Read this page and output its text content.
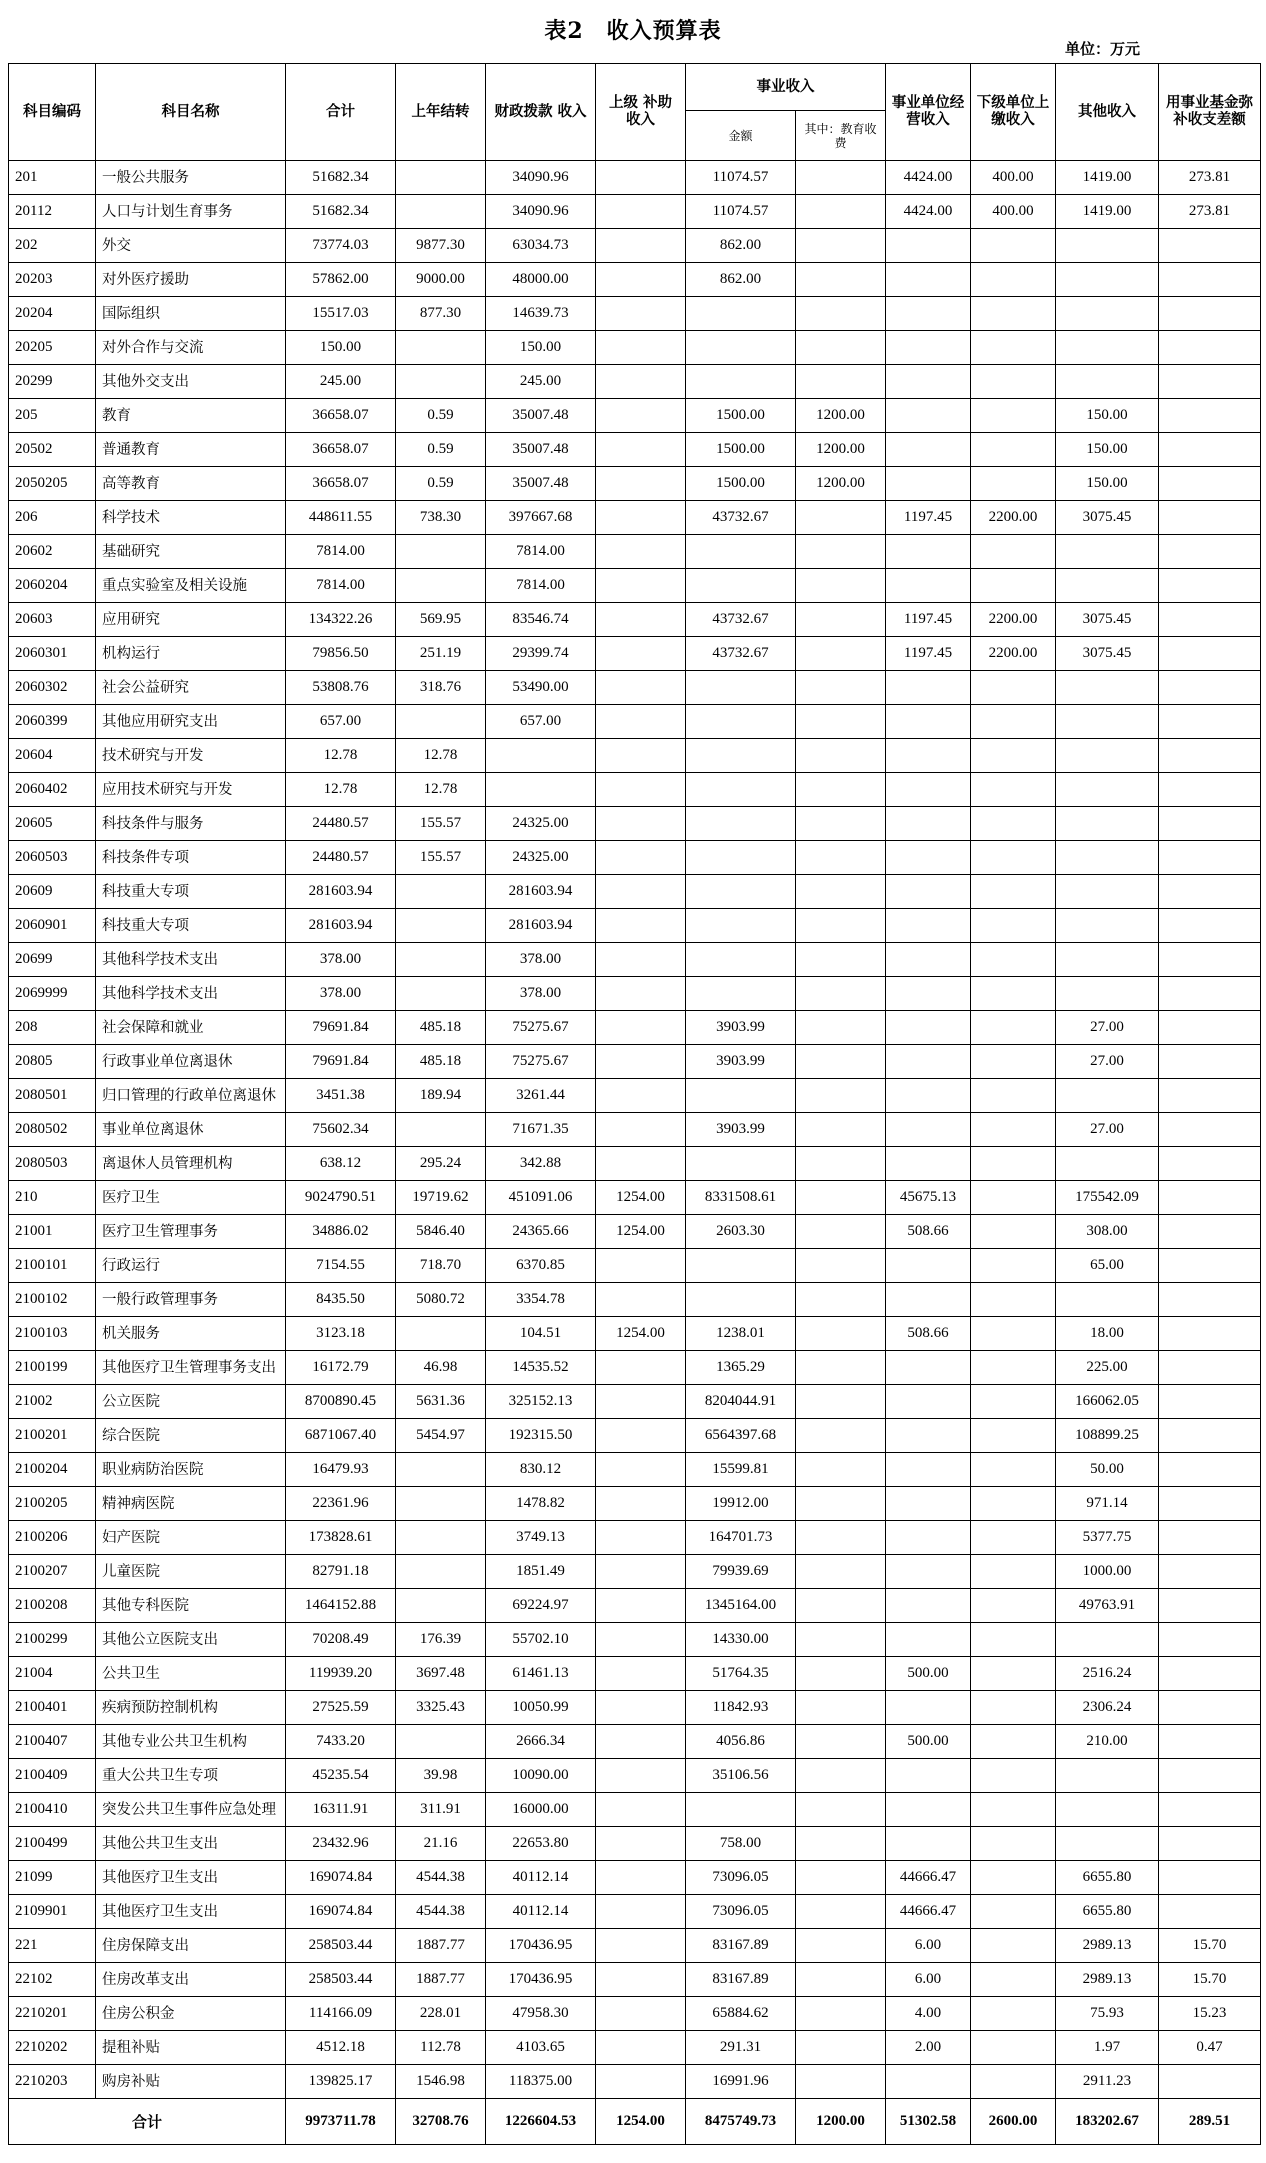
表2　收入预算表
单位：万元
科目编码	科目名称	合计	上年结转	财政拨款 收入	上级 补助 收入	事业收入		事业单位经营收入	下级单位上缴收入	其他收入	用事业基金弥补收支差额
						金额	其中：教育收费				
201	一般公共服务	51682.34		34090.96		11074.57		4424.00	400.00	1419.00	273.81
20112	人口与计划生育事务	51682.34		34090.96		11074.57		4424.00	400.00	1419.00	273.81
202	外交	73774.03	9877.30	63034.73		862.00					
20203	对外医疗援助	57862.00	9000.00	48000.00		862.00					
20204	国际组织	15517.03	877.30	14639.73							
20205	对外合作与交流	150.00		150.00							
20299	其他外交支出	245.00		245.00							
205	教育	36658.07	0.59	35007.48		1500.00	1200.00			150.00	
20502	普通教育	36658.07	0.59	35007.48		1500.00	1200.00			150.00	
2050205	高等教育	36658.07	0.59	35007.48		1500.00	1200.00			150.00	
206	科学技术	448611.55	738.30	397667.68		43732.67		1197.45	2200.00	3075.45	
20602	基础研究	7814.00		7814.00							
2060204	重点实验室及相关设施	7814.00		7814.00							
20603	应用研究	134322.26	569.95	83546.74		43732.67		1197.45	2200.00	3075.45	
2060301	机构运行	79856.50	251.19	29399.74		43732.67		1197.45	2200.00	3075.45	
2060302	社会公益研究	53808.76	318.76	53490.00							
2060399	其他应用研究支出	657.00		657.00							
20604	技术研究与开发	12.78	12.78								
2060402	应用技术研究与开发	12.78	12.78								
20605	科技条件与服务	24480.57	155.57	24325.00							
2060503	科技条件专项	24480.57	155.57	24325.00							
20609	科技重大专项	281603.94		281603.94							
2060901	科技重大专项	281603.94		281603.94							
20699	其他科学技术支出	378.00		378.00							
2069999	其他科学技术支出	378.00		378.00							
208	社会保障和就业	79691.84	485.18	75275.67		3903.99				27.00	
20805	行政事业单位离退休	79691.84	485.18	75275.67		3903.99				27.00	
2080501	归口管理的行政单位离退休	3451.38	189.94	3261.44							
2080502	事业单位离退休	75602.34		71671.35		3903.99				27.00	
2080503	离退休人员管理机构	638.12	295.24	342.88							
210	医疗卫生	9024790.51	19719.62	451091.06	1254.00	8331508.61		45675.13		175542.09	
21001	医疗卫生管理事务	34886.02	5846.40	24365.66	1254.00	2603.30		508.66		308.00	
2100101	行政运行	7154.55	718.70	6370.85						65.00	
2100102	一般行政管理事务	8435.50	5080.72	3354.78							
2100103	机关服务	3123.18		104.51	1254.00	1238.01		508.66		18.00	
2100199	其他医疗卫生管理事务支出	16172.79	46.98	14535.52		1365.29				225.00	
21002	公立医院	8700890.45	5631.36	325152.13		8204044.91				166062.05	
2100201	综合医院	6871067.40	5454.97	192315.50		6564397.68				108899.25	
2100204	职业病防治医院	16479.93		830.12		15599.81				50.00	
2100205	精神病医院	22361.96		1478.82		19912.00				971.14	
2100206	妇产医院	173828.61		3749.13		164701.73				5377.75	
2100207	儿童医院	82791.18		1851.49		79939.69				1000.00	
2100208	其他专科医院	1464152.88		69224.97		1345164.00				49763.91	
2100299	其他公立医院支出	70208.49	176.39	55702.10		14330.00					
21004	公共卫生	119939.20	3697.48	61461.13		51764.35		500.00		2516.24	
2100401	疾病预防控制机构	27525.59	3325.43	10050.99		11842.93				2306.24	
2100407	其他专业公共卫生机构	7433.20		2666.34		4056.86		500.00		210.00	
2100409	重大公共卫生专项	45235.54	39.98	10090.00		35106.56					
2100410	突发公共卫生事件应急处理	16311.91	311.91	16000.00							
2100499	其他公共卫生支出	23432.96	21.16	22653.80		758.00					
21099	其他医疗卫生支出	169074.84	4544.38	40112.14		73096.05		44666.47		6655.80	
2109901	其他医疗卫生支出	169074.84	4544.38	40112.14		73096.05		44666.47		6655.80	
221	住房保障支出	258503.44	1887.77	170436.95		83167.89		6.00		2989.13	15.70
22102	住房改革支出	258503.44	1887.77	170436.95		83167.89		6.00		2989.13	15.70
2210201	住房公积金	114166.09	228.01	47958.30		65884.62		4.00		75.93	15.23
2210202	提租补贴	4512.18	112.78	4103.65		291.31		2.00		1.97	0.47
2210203	购房补贴	139825.17	1546.98	118375.00		16991.96				2911.23	
合计		9973711.78	32708.76	1226604.53	1254.00	8475749.73	1200.00	51302.58	2600.00	183202.67	289.51
